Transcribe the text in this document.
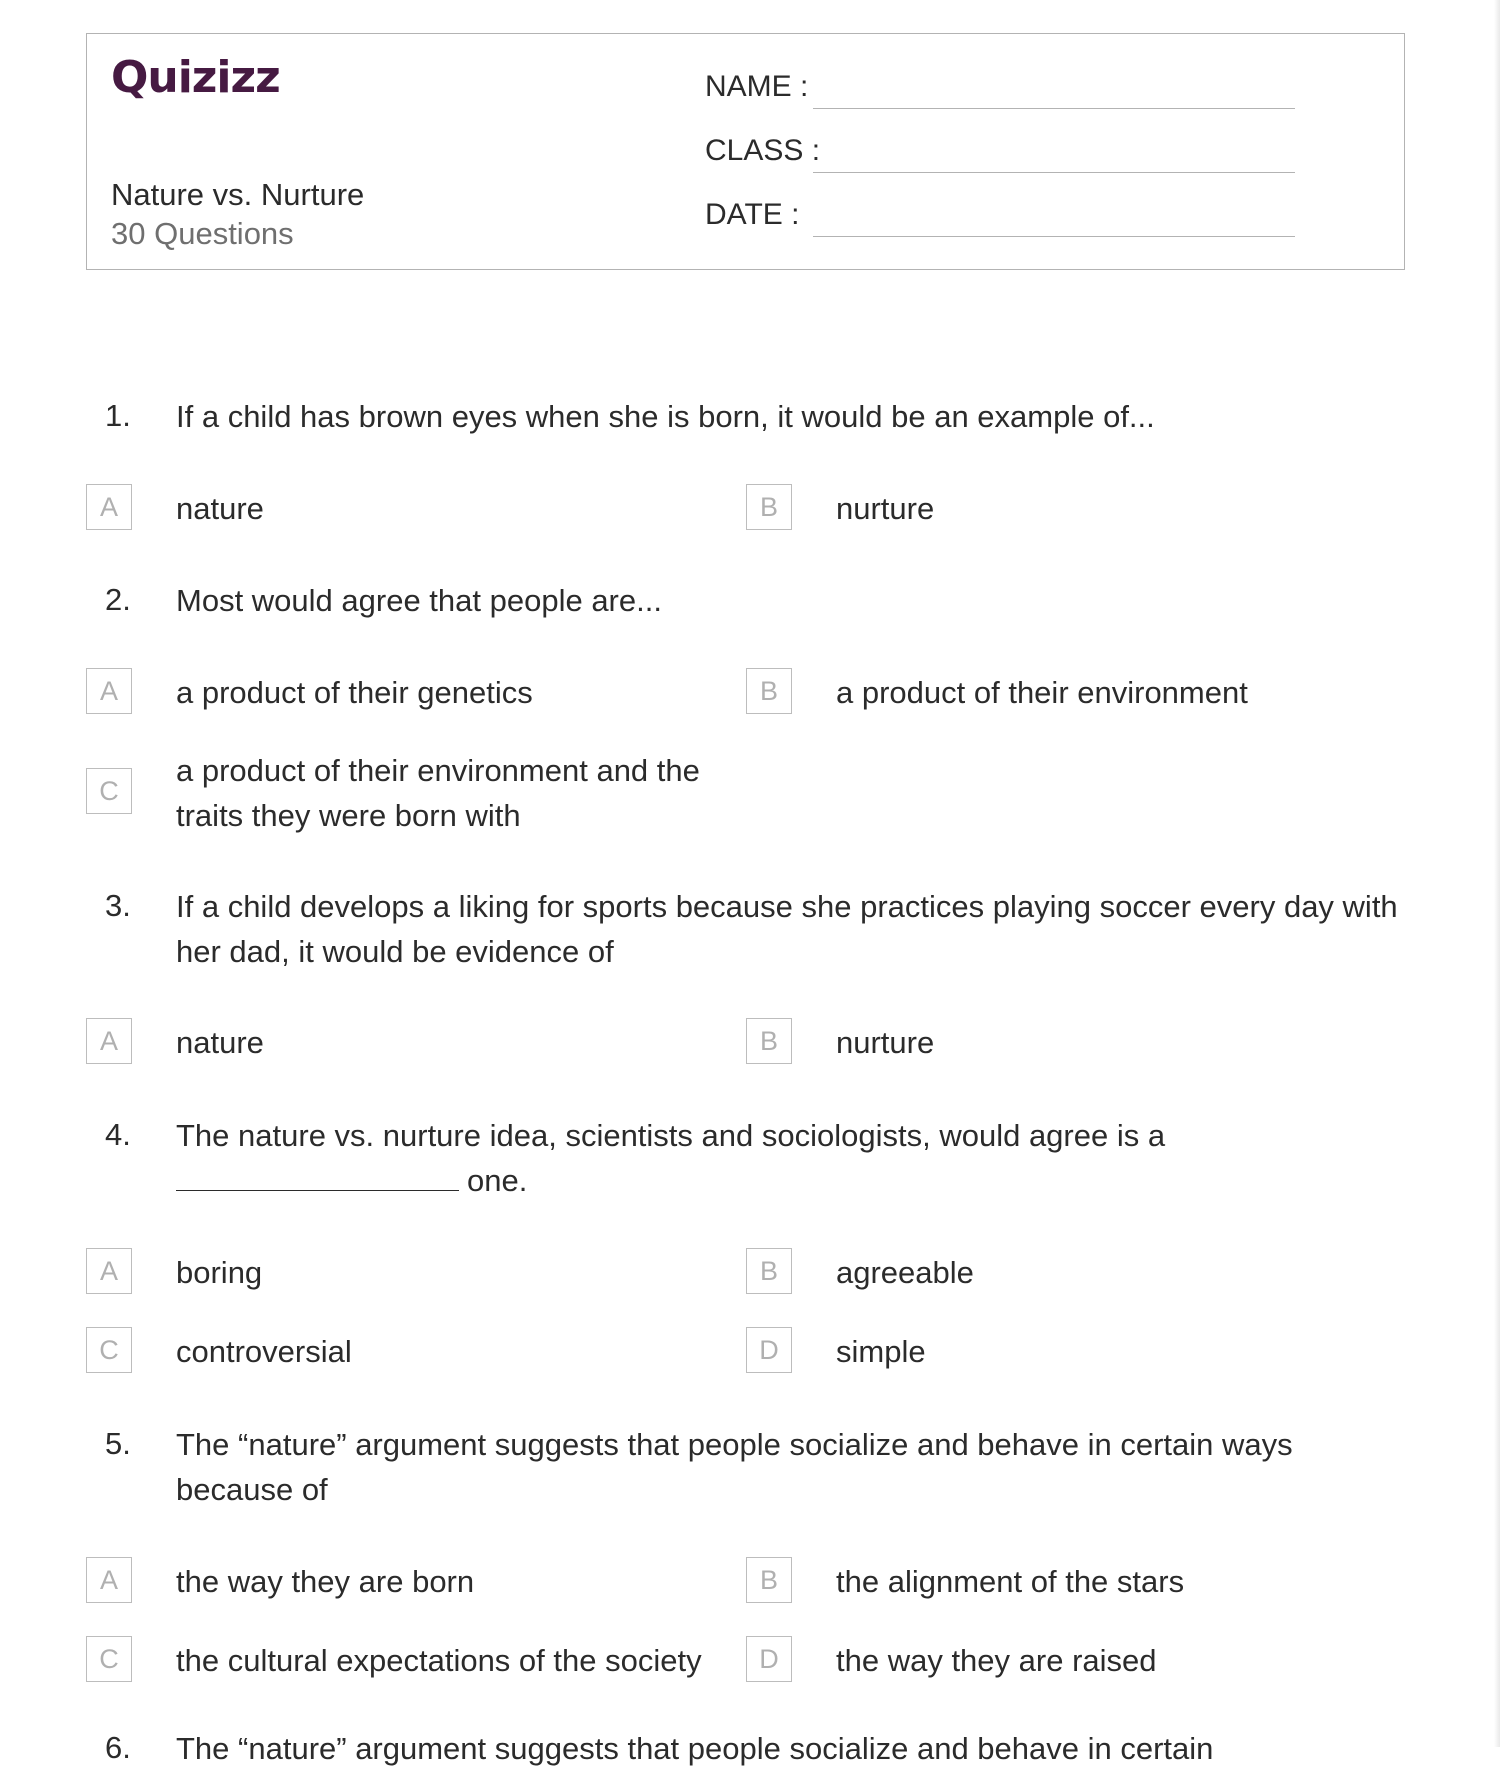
Quizizz
Nature vs. Nurture
30 Questions
NAME :
CLASS :
DATE :
1. If a child has brown eyes when she is born, it would be an example of...
A	nature	B	nurture
2. Most would agree that people are...
A	a product of their genetics	B	a product of their environment
C
a product of their environment and the traits they were born with
3. If a child develops a liking for sports because she practices playing soccer every day with her dad, it would be evidence of
A	nature	B	nurture
4. The nature vs. nurture idea, scientists and sociologists, would agree is a
one.
A	boring	B	agreeable
C	controversial	D	simple
5. The “nature” argument suggests that people socialize and behave in certain ways because of
A	the way they are born	B	the alignment of the stars
C	the cultural expectations of the society	D	the way they are raised
6. The “nature” argument suggests that people socialize and behave in certain
